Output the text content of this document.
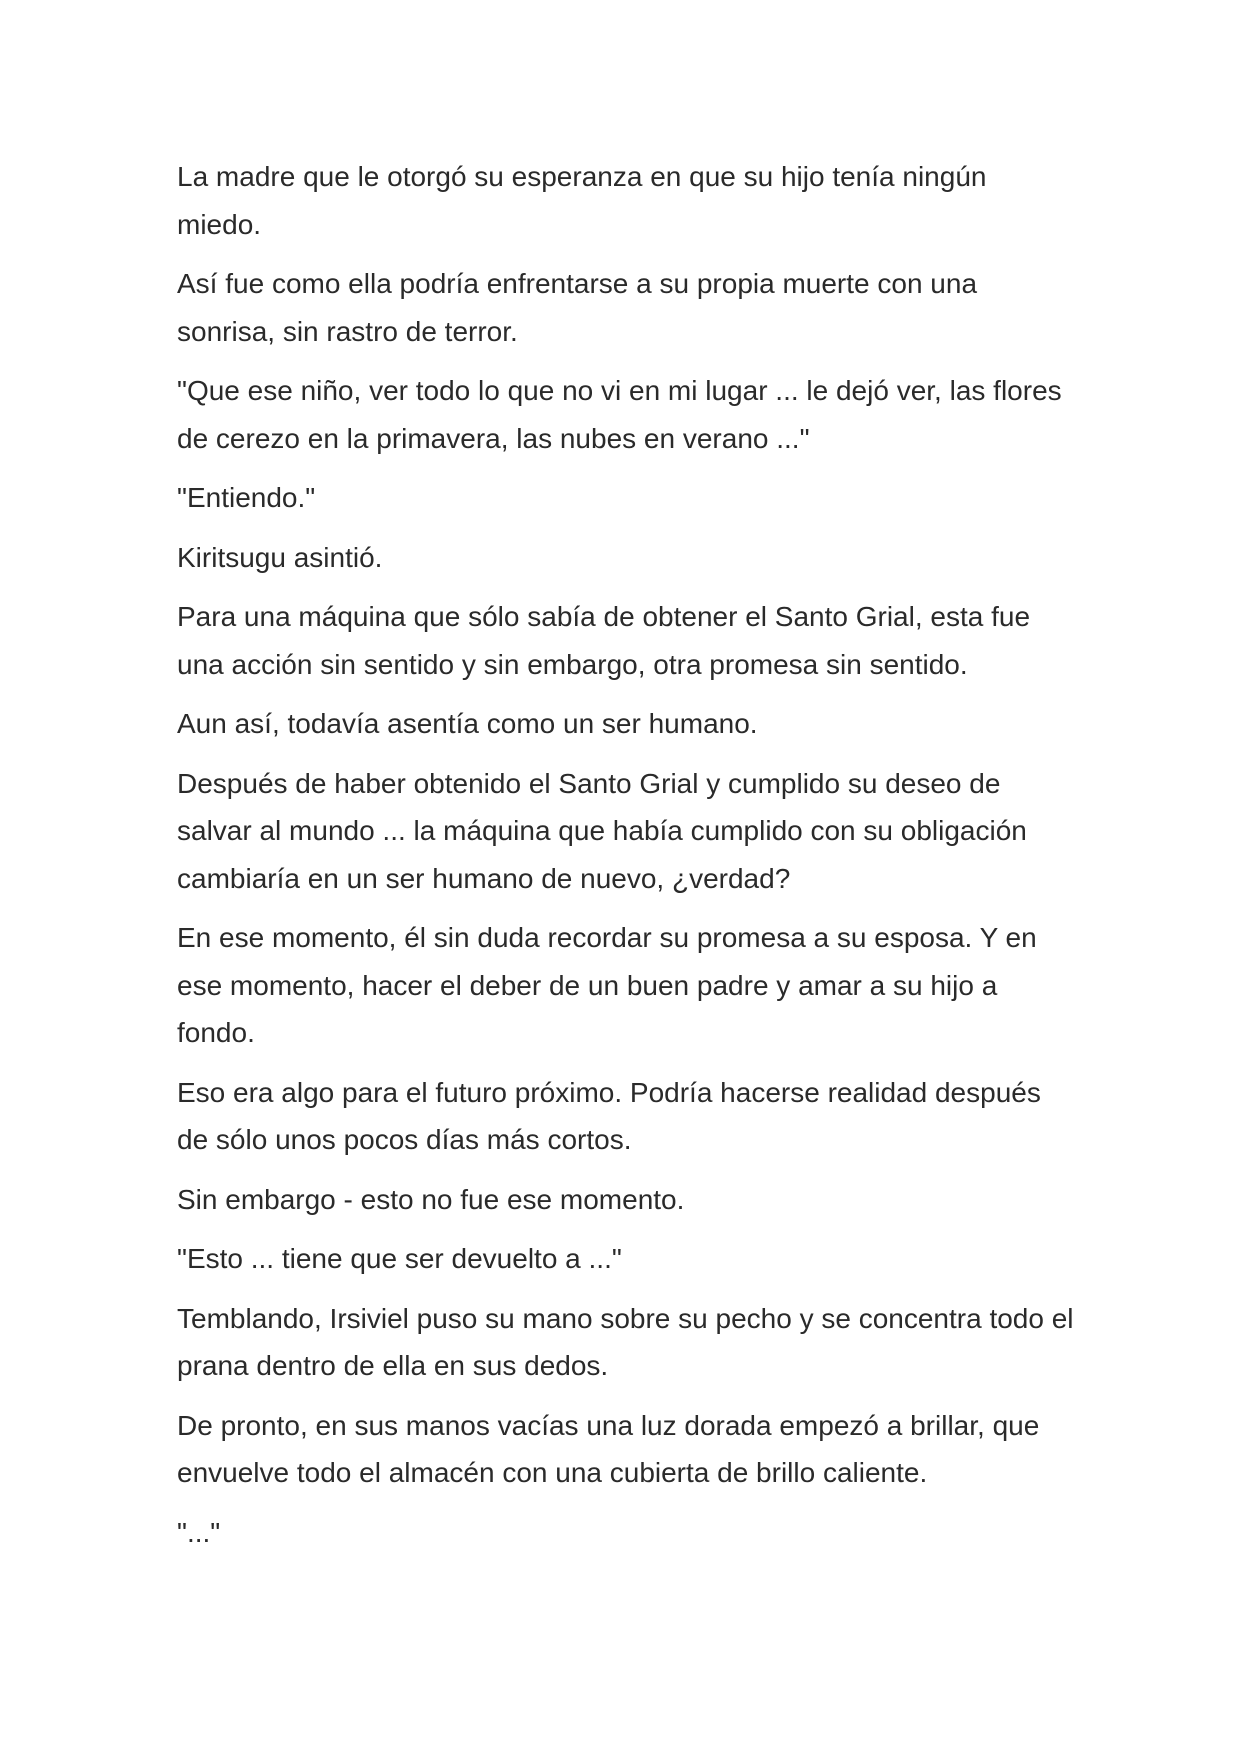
La madre que le otorgó su esperanza en que su hijo tenía ningún miedo.

Así fue como ella podría enfrentarse a su propia muerte con una sonrisa, sin rastro de terror.

"Que ese niño, ver todo lo que no vi en mi lugar ... le dejó ver, las flores de cerezo en la primavera, las nubes en verano ..."

"Entiendo."

Kiritsugu asintió.

Para una máquina que sólo sabía de obtener el Santo Grial, esta fue una acción sin sentido y sin embargo, otra promesa sin sentido.

Aun así, todavía asentía como un ser humano.

Después de haber obtenido el Santo Grial y cumplido su deseo de salvar al mundo ... la máquina que había cumplido con su obligación cambiaría en un ser humano de nuevo, ¿verdad?

En ese momento, él sin duda recordar su promesa a su esposa. Y en ese momento, hacer el deber de un buen padre y amar a su hijo a fondo.

Eso era algo para el futuro próximo. Podría hacerse realidad después de sólo unos pocos días más cortos.

Sin embargo - esto no fue ese momento.

"Esto ... tiene que ser devuelto a ..."

Temblando, Irsiviel puso su mano sobre su pecho y se concentra todo el prana dentro de ella en sus dedos.

De pronto, en sus manos vacías una luz dorada empezó a brillar, que envuelve todo el almacén con una cubierta de brillo caliente.

"..."
